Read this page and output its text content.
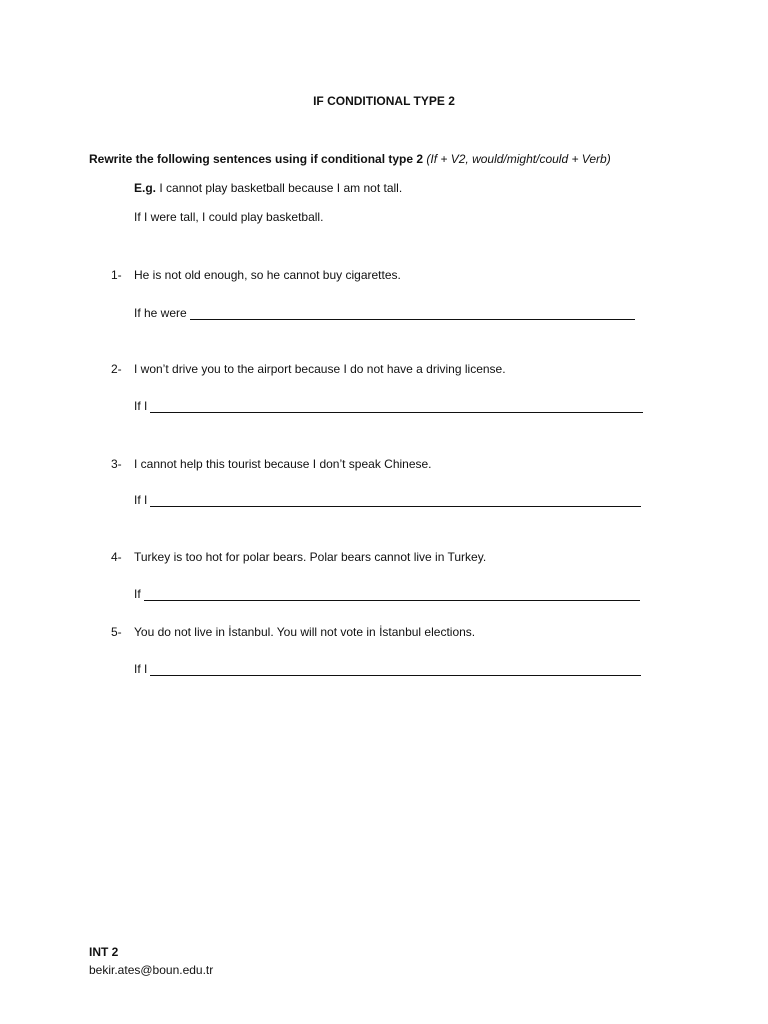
IF CONDITIONAL TYPE 2
Rewrite the following sentences using if conditional type 2 (If + V2, would/might/could + Verb)
E.g. I cannot play basketball because I am not tall.
If I were tall, I could play basketball.
1- He is not old enough, so he cannot buy cigarettes.
If he were
2- I won’t drive you to the airport because I do not have a driving license.
If I
3- I cannot help this tourist because I don’t speak Chinese.
If I
4- Turkey is too hot for polar bears. Polar bears cannot live in Turkey.
If
5- You do not live in İstanbul. You will not vote in İstanbul elections.
If I
INT 2
bekir.ates@boun.edu.tr
